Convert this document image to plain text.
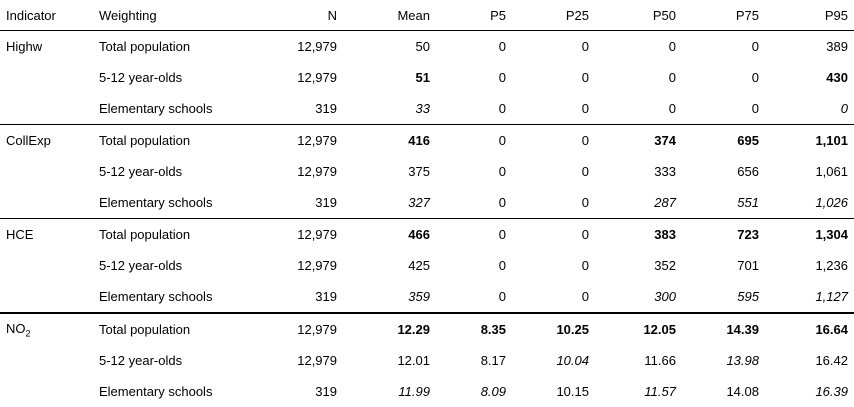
Indicator	Weighting	N	Mean	P5	P25	P50	P75	P95
Highw	Total population	12,979	50	0	0	0	0	389
	5-12 year-olds	12,979	51	0	0	0	0	430
	Elementary schools	319	33	0	0	0	0	0
CollExp	Total population	12,979	416	0	0	374	695	1,101
	5-12 year-olds	12,979	375	0	0	333	656	1,061
	Elementary schools	319	327	0	0	287	551	1,026
HCE	Total population	12,979	466	0	0	383	723	1,304
	5-12 year-olds	12,979	425	0	0	352	701	1,236
	Elementary schools	319	359	0	0	300	595	1,127
$NO_2$	Total population	12,979	12.29	8.35	10.25	12.05	14.39	16.64
	5-12 year-olds	12,979	12.01	8.17	10.04	11.66	13.98	16.42
	Elementary schools	319	11.99	8.09	10.15	11.57	14.08	16.39
